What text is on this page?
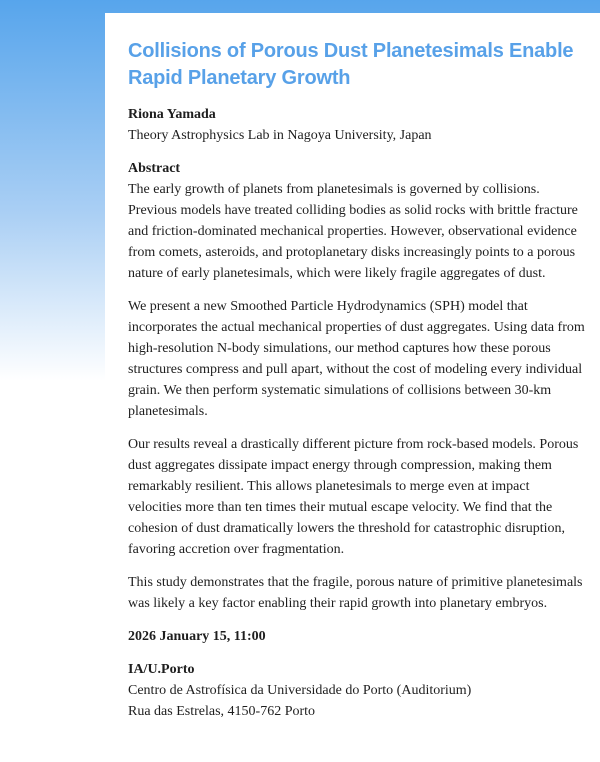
Collisions of Porous Dust Planetesimals Enable Rapid Planetary Growth
Riona Yamada
Theory Astrophysics Lab in Nagoya University, Japan
Abstract

The early growth of planets from planetesimals is governed by collisions. Previous models have treated colliding bodies as solid rocks with brittle fracture and friction-dominated mechanical properties. However, observational evidence from comets, asteroids, and protoplanetary disks increasingly points to a porous nature of early planetesimals, which were likely fragile aggregates of dust.

We present a new Smoothed Particle Hydrodynamics (SPH) model that incorporates the actual mechanical properties of dust aggregates. Using data from high-resolution N-body simulations, our method captures how these porous structures compress and pull apart, without the cost of modeling every individual grain. We then perform systematic simulations of collisions between 30-km planetesimals.

Our results reveal a drastically different picture from rock-based models. Porous dust aggregates dissipate impact energy through compression, making them remarkably resilient. This allows planetesimals to merge even at impact velocities more than ten times their mutual escape velocity. We find that the cohesion of dust dramatically lowers the threshold for catastrophic disruption, favoring accretion over fragmentation.

This study demonstrates that the fragile, porous nature of primitive planetesimals was likely a key factor enabling their rapid growth into planetary embryos.

2026 January 15, 11:00
IA/U.Porto
Centro de Astrofísica da Universidade do Porto (Auditorium)
Rua das Estrelas, 4150-762 Porto
